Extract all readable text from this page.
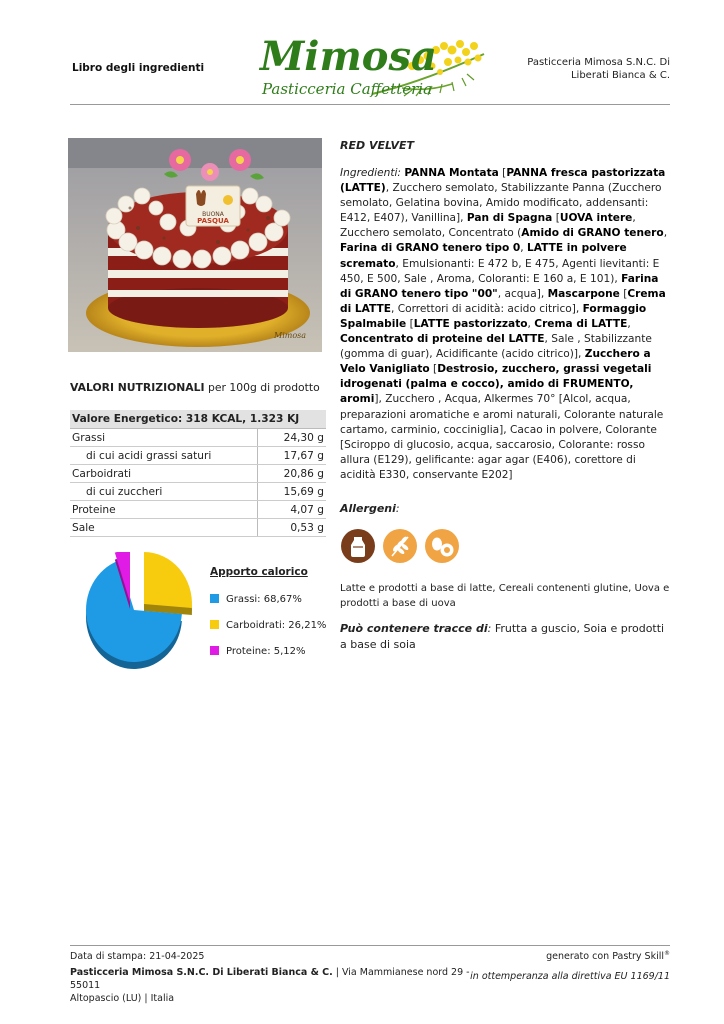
Libro degli ingredienti Mimosa
Pasticceria Caffetteria
Pasticceria Mimosa S.N.C. Di
Liberati Bianca & C.
BUONA
PASQUA
Mimosa
RED VELVET
Ingredienti: PANNA Montata [PANNA fresca pastorizzata (LATTE), Zucchero semolato, Stabilizzante Panna (Zucchero semolato, Gelatina bovina, Amido modificato, addensanti: E412, E407), Vanillina], Pan di Spagna [UOVA intere, Zucchero semolato, Concentrato (Amido di GRANO tenero, Farina di GRANO tenero tipo 0, LATTE in polvere scremato, Emulsionanti: E 472 b, E 475, Agenti lievitanti: E 450, E 500, Sale , Aroma, Coloranti: E 160 a, E 101), Farina di GRANO tenero tipo "00", acqua], Mascarpone [Crema di LATTE, Correttori di acidità: acido citrico], Formaggio Spalmabile [LATTE pastorizzato, Crema di LATTE, Concentrato di proteine del LATTE, Sale , Stabilizzante (gomma di guar), Acidificante (acido citrico)], Zucchero a Velo Vanigliato [Destrosio, zucchero, grassi vegetali idrogenati (palma e cocco), amido di FRUMENTO, aromi], Zucchero , Acqua, Alkermes 70° [Alcol, acqua, preparazioni aromatiche e aromi naturali, Colorante naturale cartamo, carminio, cocciniglia], Cacao in polvere, Colorante [Sciroppo di glucosio, acqua, saccarosio, Colorante: rosso allura (E129), gelificante: agar agar (E406), corettore di acidità E330, conservante E202]
Allergeni:
Latte e prodotti a base di latte, Cereali contenenti glutine, Uova e prodotti a base di uova
Può contenere tracce di: Frutta a guscio, Soia e prodotti a base di soia
VALORI NUTRIZIONALI per 100g di prodotto
Valore Energetico: 318 KCAL, 1.323 KJ	
Grassi	24,30 g
di cui acidi grassi saturi	17,67 g
Carboidrati	20,86 g
di cui zuccheri	15,69 g
Proteine	4,07 g
Sale	0,53 g
Apporto calorico
Grassi: 68,67%
Carboidrati: 26,21%
Proteine: 5,12%
Data di stampa: 21-04-2025	generato con Pastry Skill®
Pasticceria Mimosa S.N.C. Di Liberati Bianca & C. | Via Mammianese nord 29 - 55011
Altopascio (LU) | Italia
in ottemperanza alla direttiva EU 1169/11
